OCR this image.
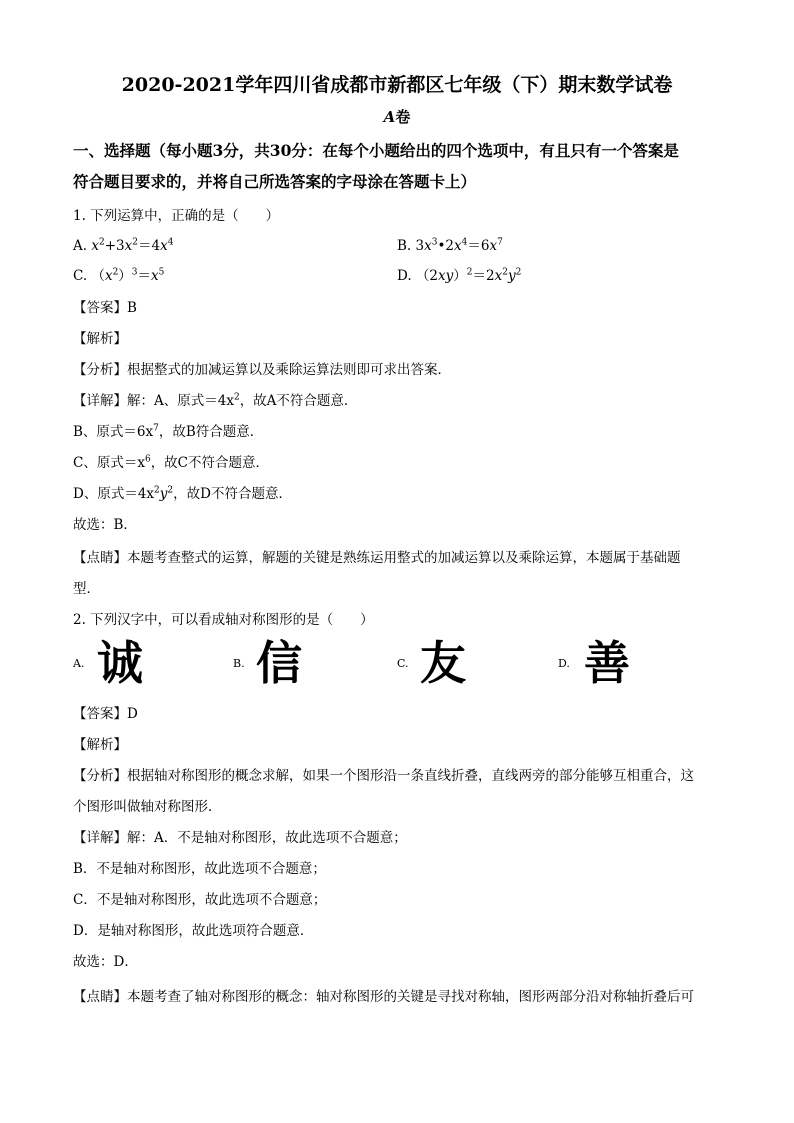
2020-2021学年四川省成都市新都区七年级（下）期末数学试卷
A卷
一、选择题（每小题3分，共30分：在每个小题给出的四个选项中，有且只有一个答案是
符合题目要求的，并将自己所选答案的字母涂在答题卡上）
1. 下列运算中，正确的是（　　）
A. $x^2+3x^2=4x^4$	B. $3x^3•2x^4=6x^7$
C. $(x^2)^3=x^5$	D. $(2xy)^2=2x^2y^2$
【答案】B
【解析】
【分析】根据整式的加减运算以及乘除运算法则即可求出答案．
【详解】解：A、原式$=4x^2$，故A不符合题意．
B、原式$=6x^7$，故B符合题意．
C、原式$=x^6$，故C不符合题意．
D、原式$=4x^2y^2$，故D不符合题意．
故选：B．
【点睛】本题考查整式的运算，解题的关键是熟练运用整式的加减运算以及乘除运算，本题属于基础题
型．
2. 下列汉字中，可以看成轴对称图形的是（　　）
A. 诚	B. 信	C. 友	D. 善
【答案】D
【解析】
【分析】根据轴对称图形的概念求解，如果一个图形沿一条直线折叠，直线两旁的部分能够互相重合，这
个图形叫做轴对称图形．
【详解】解：A．不是轴对称图形，故此选项不合题意；
B．不是轴对称图形，故此选项不合题意；
C．不是轴对称图形，故此选项不合题意；
D．是轴对称图形，故此选项符合题意．
故选：D．
【点睛】本题考查了轴对称图形的概念：轴对称图形的关键是寻找对称轴，图形两部分沿对称轴折叠后可
